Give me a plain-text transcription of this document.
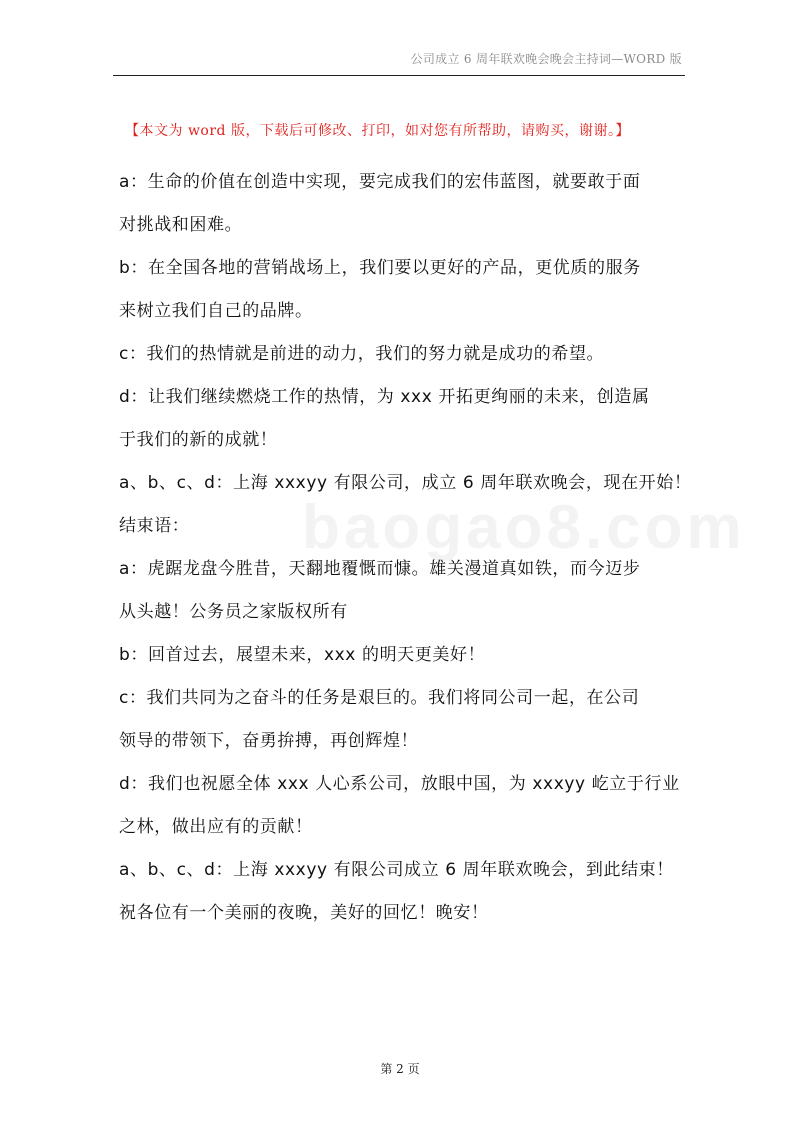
公司成立 6 周年联欢晚会晚会主持词—WORD 版
【本文为 word 版，下载后可修改、打印，如对您有所帮助，请购买，谢谢。】
baogao8.com
a：生命的价值在创造中实现，要完成我们的宏伟蓝图，就要敢于面
对挑战和困难。
b：在全国各地的营销战场上，我们要以更好的产品，更优质的服务
来树立我们自己的品牌。
c：我们的热情就是前进的动力，我们的努力就是成功的希望。
d：让我们继续燃烧工作的热情，为 xxx 开拓更绚丽的未来，创造属
于我们的新的成就！
a、b、c、d：上海 xxxyy 有限公司，成立 6 周年联欢晚会，现在开始！
结束语：
a：虎踞龙盘今胜昔，天翻地覆慨而慷。雄关漫道真如铁，而今迈步
从头越！公务员之家版权所有
b：回首过去，展望未来，xxx 的明天更美好！
c：我们共同为之奋斗的任务是艰巨的。我们将同公司一起，在公司
领导的带领下，奋勇拚搏，再创辉煌！
d：我们也祝愿全体 xxx 人心系公司，放眼中国，为 xxxyy 屹立于行业
之林，做出应有的贡献！
a、b、c、d：上海 xxxyy 有限公司成立 6 周年联欢晚会，到此结束！
祝各位有一个美丽的夜晚，美好的回忆！晚安！
第 2 页
